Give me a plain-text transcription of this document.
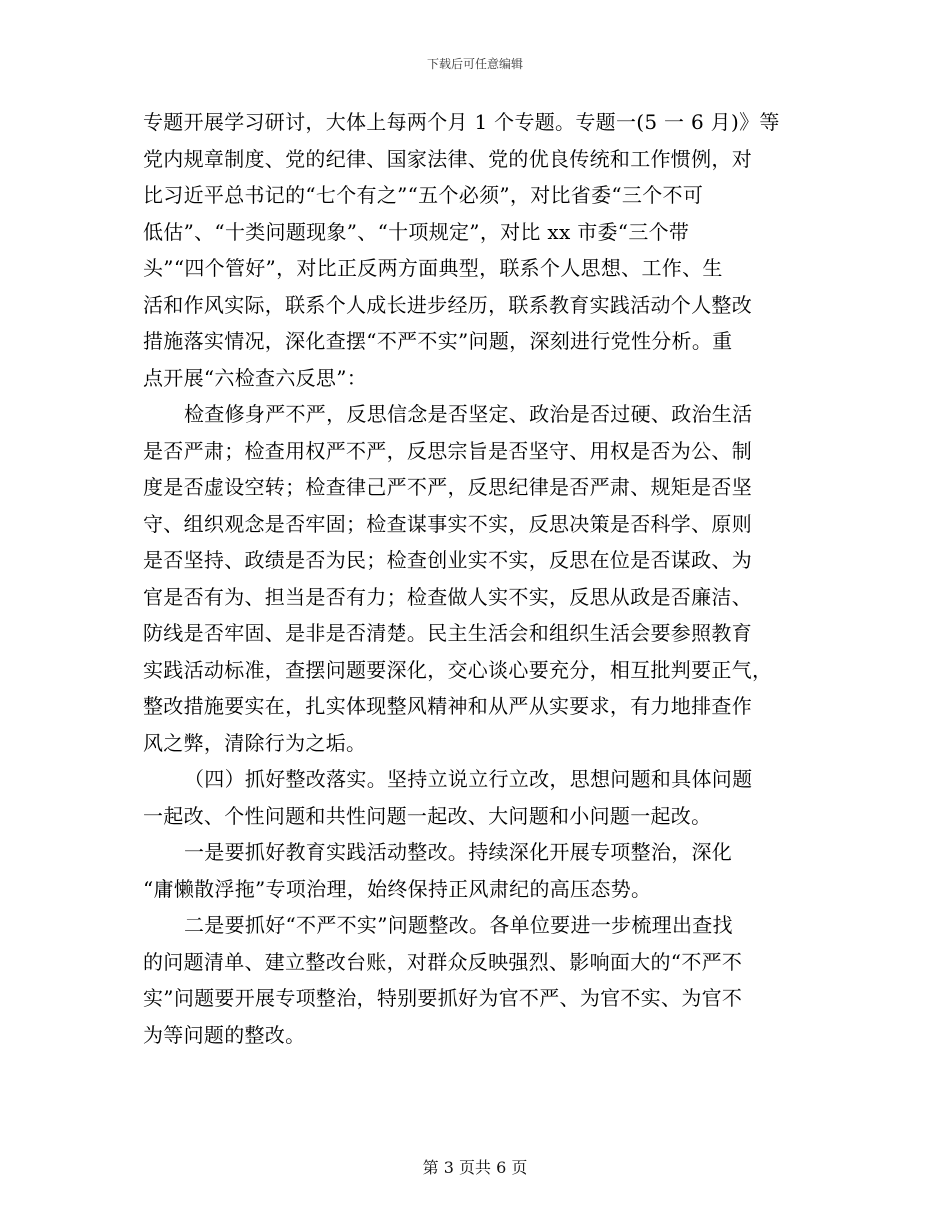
下载后可任意编辑
专题开展学习研讨，大体上每两个月 1 个专题。专题一(5 一 6 月)》等
党内规章制度、党的纪律、国家法律、党的优良传统和工作惯例，对
比习近平总书记的“七个有之”“五个必须”，对比省委“三个不可
低估”、“十类问题现象”、“十项规定”，对比 xx 市委“三个带
头”“四个管好”，对比正反两方面典型，联系个人思想、工作、生
活和作风实际，联系个人成长进步经历，联系教育实践活动个人整改
措施落实情况，深化查摆“不严不实”问题，深刻进行党性分析。重
点开展“六检查六反思”：
检查修身严不严，反思信念是否坚定、政治是否过硬、政治生活
是否严肃；检查用权严不严，反思宗旨是否坚守、用权是否为公、制
度是否虚设空转；检查律己严不严，反思纪律是否严肃、规矩是否坚
守、组织观念是否牢固；检查谋事实不实，反思决策是否科学、原则
是否坚持、政绩是否为民；检查创业实不实，反思在位是否谋政、为
官是否有为、担当是否有力；检查做人实不实，反思从政是否廉洁、
防线是否牢固、是非是否清楚。民主生活会和组织生活会要参照教育
实践活动标准，查摆问题要深化，交心谈心要充分，相互批判要正气，
整改措施要实在，扎实体现整风精神和从严从实要求，有力地排查作
风之弊，清除行为之垢。
（四）抓好整改落实。坚持立说立行立改，思想问题和具体问题
一起改、个性问题和共性问题一起改、大问题和小问题一起改。
一是要抓好教育实践活动整改。持续深化开展专项整治，深化
“庸懒散浮拖”专项治理，始终保持正风肃纪的高压态势。
二是要抓好“不严不实”问题整改。各单位要进一步梳理出查找
的问题清单、建立整改台账，对群众反映强烈、影响面大的“不严不
实”问题要开展专项整治，特别要抓好为官不严、为官不实、为官不
为等问题的整改。
第 3 页共 6 页
